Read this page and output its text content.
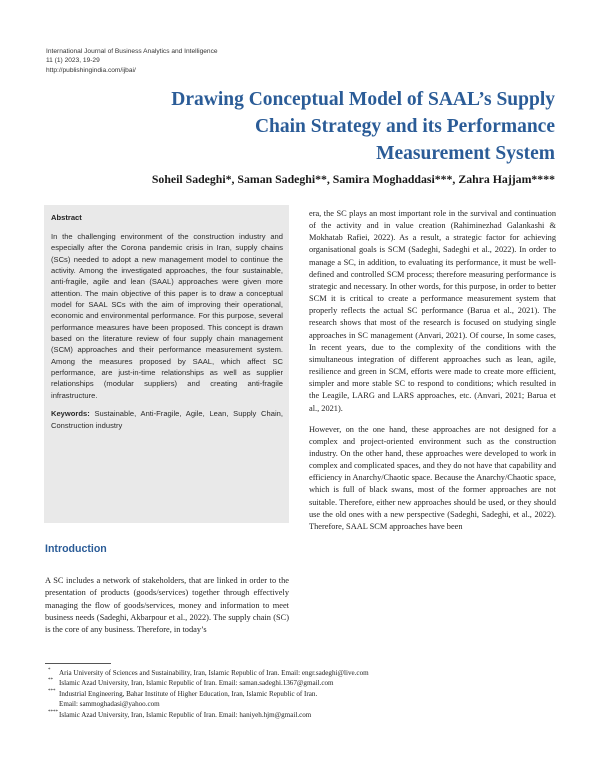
International Journal of Business Analytics and Intelligence
11 (1) 2023, 19-29
http://publishingindia.com/ijbai/
Drawing Conceptual Model of SAAL’s Supply
Chain Strategy and its Performance
Measurement System
Soheil Sadeghi*, Saman Sadeghi**, Samira Moghaddasi***, Zahra Hajjam****
Abstract

In the challenging environment of the construction industry and especially after the Corona pandemic crisis in Iran, supply chains (SCs) needed to adopt a new management model to continue the activity. Among the investigated approaches, the four sustainable, anti-fragile, agile and lean (SAAL) approaches were given more attention. The main objective of this paper is to draw a conceptual model for SAAL SCs with the aim of improving their operational, economic and environmental performance. For this purpose, several performance measures have been proposed. This concept is drawn based on the literature review of four supply chain management (SCM) approaches and their performance measurement system. Among the measures proposed by SAAL, which affect SC performance, are just-in-time relationships as well as supplier relationships (modular suppliers) and creating anti-fragile infrastructure.

Keywords: Sustainable, Anti-Fragile, Agile, Lean, Supply Chain, Construction industry

Introduction

A SC includes a network of stakeholders, that are linked in order to the presentation of products (goods/services) together through effectively managing the flow of goods/services, money and information to meet business needs (Sadeghi, Akbarpour et al., 2022). The supply chain (SC) is the core of any business. Therefore, in today’s

era, the SC plays an most important role in the survival and continuation of the activity and in value creation (Rahiminezhad Galankashi & Mokhatab Rafiei, 2022). As a result, a strategic factor for achieving organisational goals is SCM (Sadeghi, Sadeghi et al., 2022). In order to manage a SC, in addition, to evaluating its performance, it must be well-defined and controlled SCM process; therefore measuring performance is strategic and necessary. In other words, for this purpose, in order to better SCM it is critical to create a performance measurement system that properly reflects the actual SC performance (Barua et al., 2021). The research shows that most of the research is focused on studying single approaches in SC management (Anvari, 2021). Of course, In some cases, In recent years, due to the complexity of the conditions with the simultaneous integration of different approaches such as lean, agile, resilience and green in SCM, efforts were made to create more efficient, simpler and more stable SC to respond to conditions; which resulted in the Leagile, LARG and LARS approaches, etc. (Anvari, 2021; Barua et al., 2021).

However, on the one hand, these approaches are not designed for a complex and project-oriented environment such as the construction industry. On the other hand, these approaches were developed to work in complex and complicated spaces, and they do not have that capability and efficiency in Anarchy/Chaotic space. Because the Anarchy/Chaotic space, which is full of black swans, most of the former approaches are not suitable. Therefore, either new approaches should be used, or they should use the old ones with a new perspective (Sadeghi, Sadeghi, et al., 2022). Therefore, SAAL SCM approaches have been

* Aria University of Sciences and Sustainability, Iran, Islamic Republic of Iran. Email: engr.sadeghi@live.com
** Islamic Azad University, Iran, Islamic Republic of Iran. Email: saman.sadeghi.1367@gmail.com
*** Industrial Engineering, Bahar Institute of Higher Education, Iran, Islamic Republic of Iran.
Email: sammoghadasi@yahoo.com
**** Islamic Azad University, Iran, Islamic Republic of Iran. Email: haniyeh.hjm@gmail.com
